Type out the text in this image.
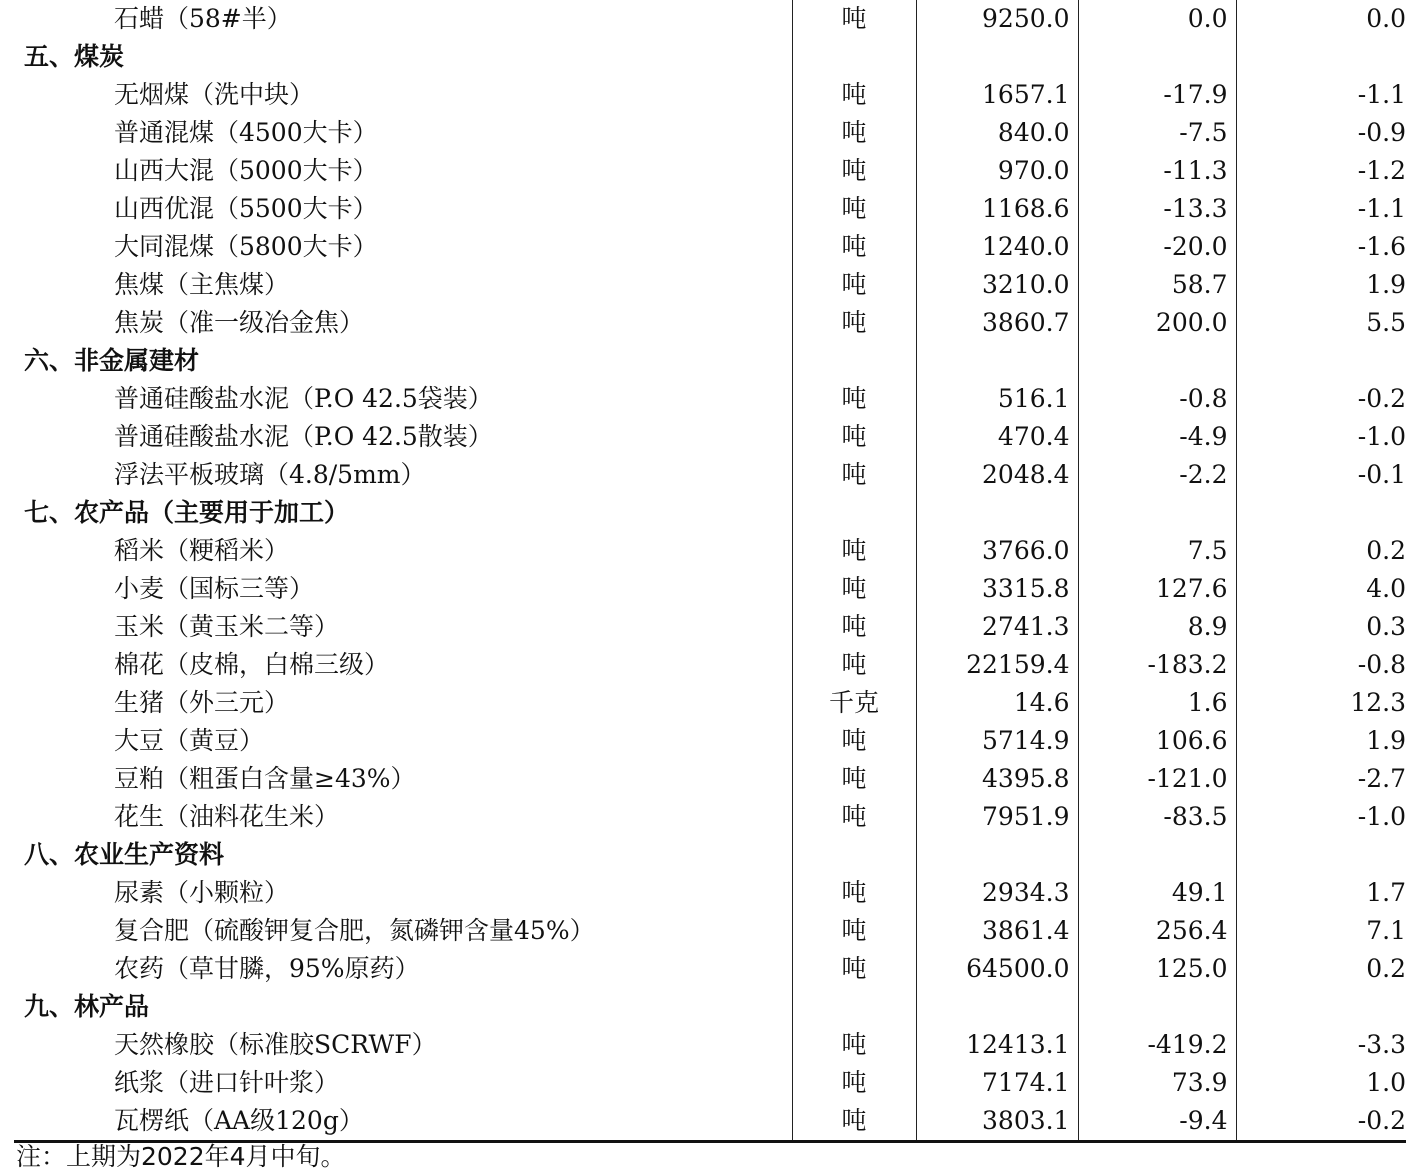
石蜡（58#半）	吨	9250.0	0.0	0.0
五、煤炭				
无烟煤（洗中块）	吨	1657.1	-17.9	-1.1
普通混煤（4500大卡）	吨	840.0	-7.5	-0.9
山西大混（5000大卡）	吨	970.0	-11.3	-1.2
山西优混（5500大卡）	吨	1168.6	-13.3	-1.1
大同混煤（5800大卡）	吨	1240.0	-20.0	-1.6
焦煤（主焦煤）	吨	3210.0	58.7	1.9
焦炭（准一级冶金焦）	吨	3860.7	200.0	5.5
六、非金属建材				
普通硅酸盐水泥（P.O 42.5袋装）	吨	516.1	-0.8	-0.2
普通硅酸盐水泥（P.O 42.5散装）	吨	470.4	-4.9	-1.0
浮法平板玻璃（4.8/5mm）	吨	2048.4	-2.2	-0.1
七、农产品（主要用于加工）				
稻米（粳稻米）	吨	3766.0	7.5	0.2
小麦（国标三等）	吨	3315.8	127.6	4.0
玉米（黄玉米二等）	吨	2741.3	8.9	0.3
棉花（皮棉，白棉三级）	吨	22159.4	-183.2	-0.8
生猪（外三元）	千克	14.6	1.6	12.3
大豆（黄豆）	吨	5714.9	106.6	1.9
豆粕（粗蛋白含量≥43%）	吨	4395.8	-121.0	-2.7
花生（油料花生米）	吨	7951.9	-83.5	-1.0
八、农业生产资料				
尿素（小颗粒）	吨	2934.3	49.1	1.7
复合肥（硫酸钾复合肥，氮磷钾含量45%）	吨	3861.4	256.4	7.1
农药（草甘膦，95%原药）	吨	64500.0	125.0	0.2
九、林产品				
天然橡胶（标准胶SCRWF）	吨	12413.1	-419.2	-3.3
纸浆（进口针叶浆）	吨	7174.1	73.9	1.0
瓦楞纸（AA级120g）	吨	3803.1	-9.4	-0.2
注：上期为2022年4月中旬。
